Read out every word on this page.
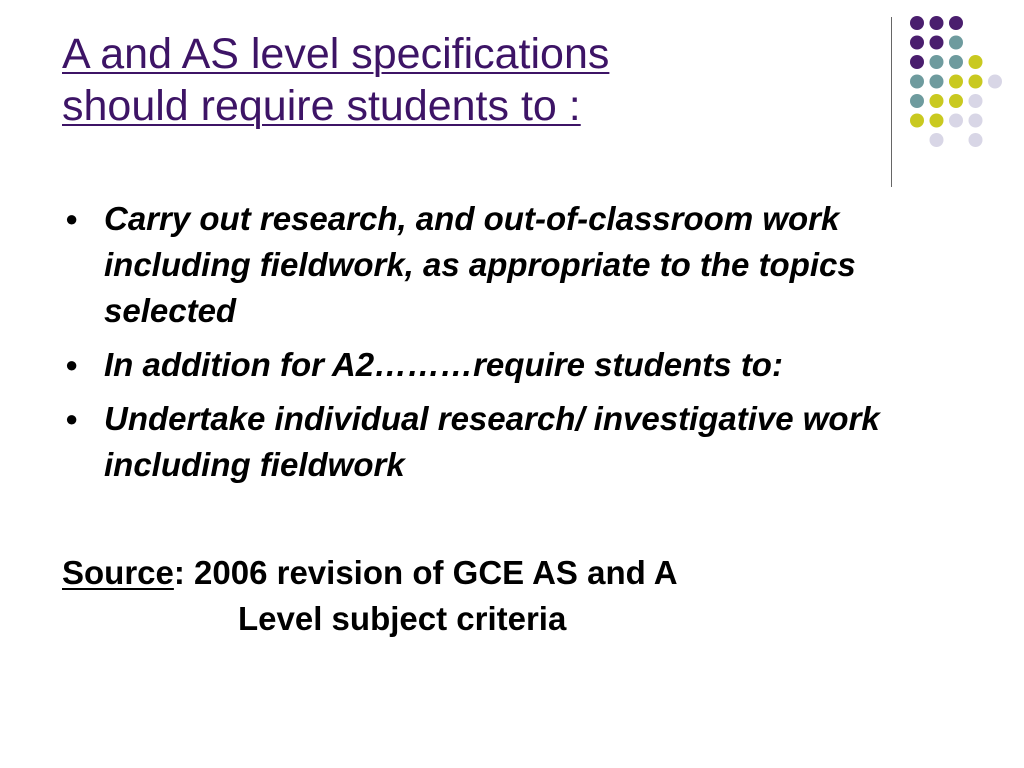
A and AS level specifications
should require students to :
● Carry out research, and out-of-classroom work including fieldwork, as appropriate to the topics selected
● In addition for A2………require students to:
● Undertake individual research/ investigative work including fieldwork
Source: 2006 revision of GCE AS and A
Level subject criteria
